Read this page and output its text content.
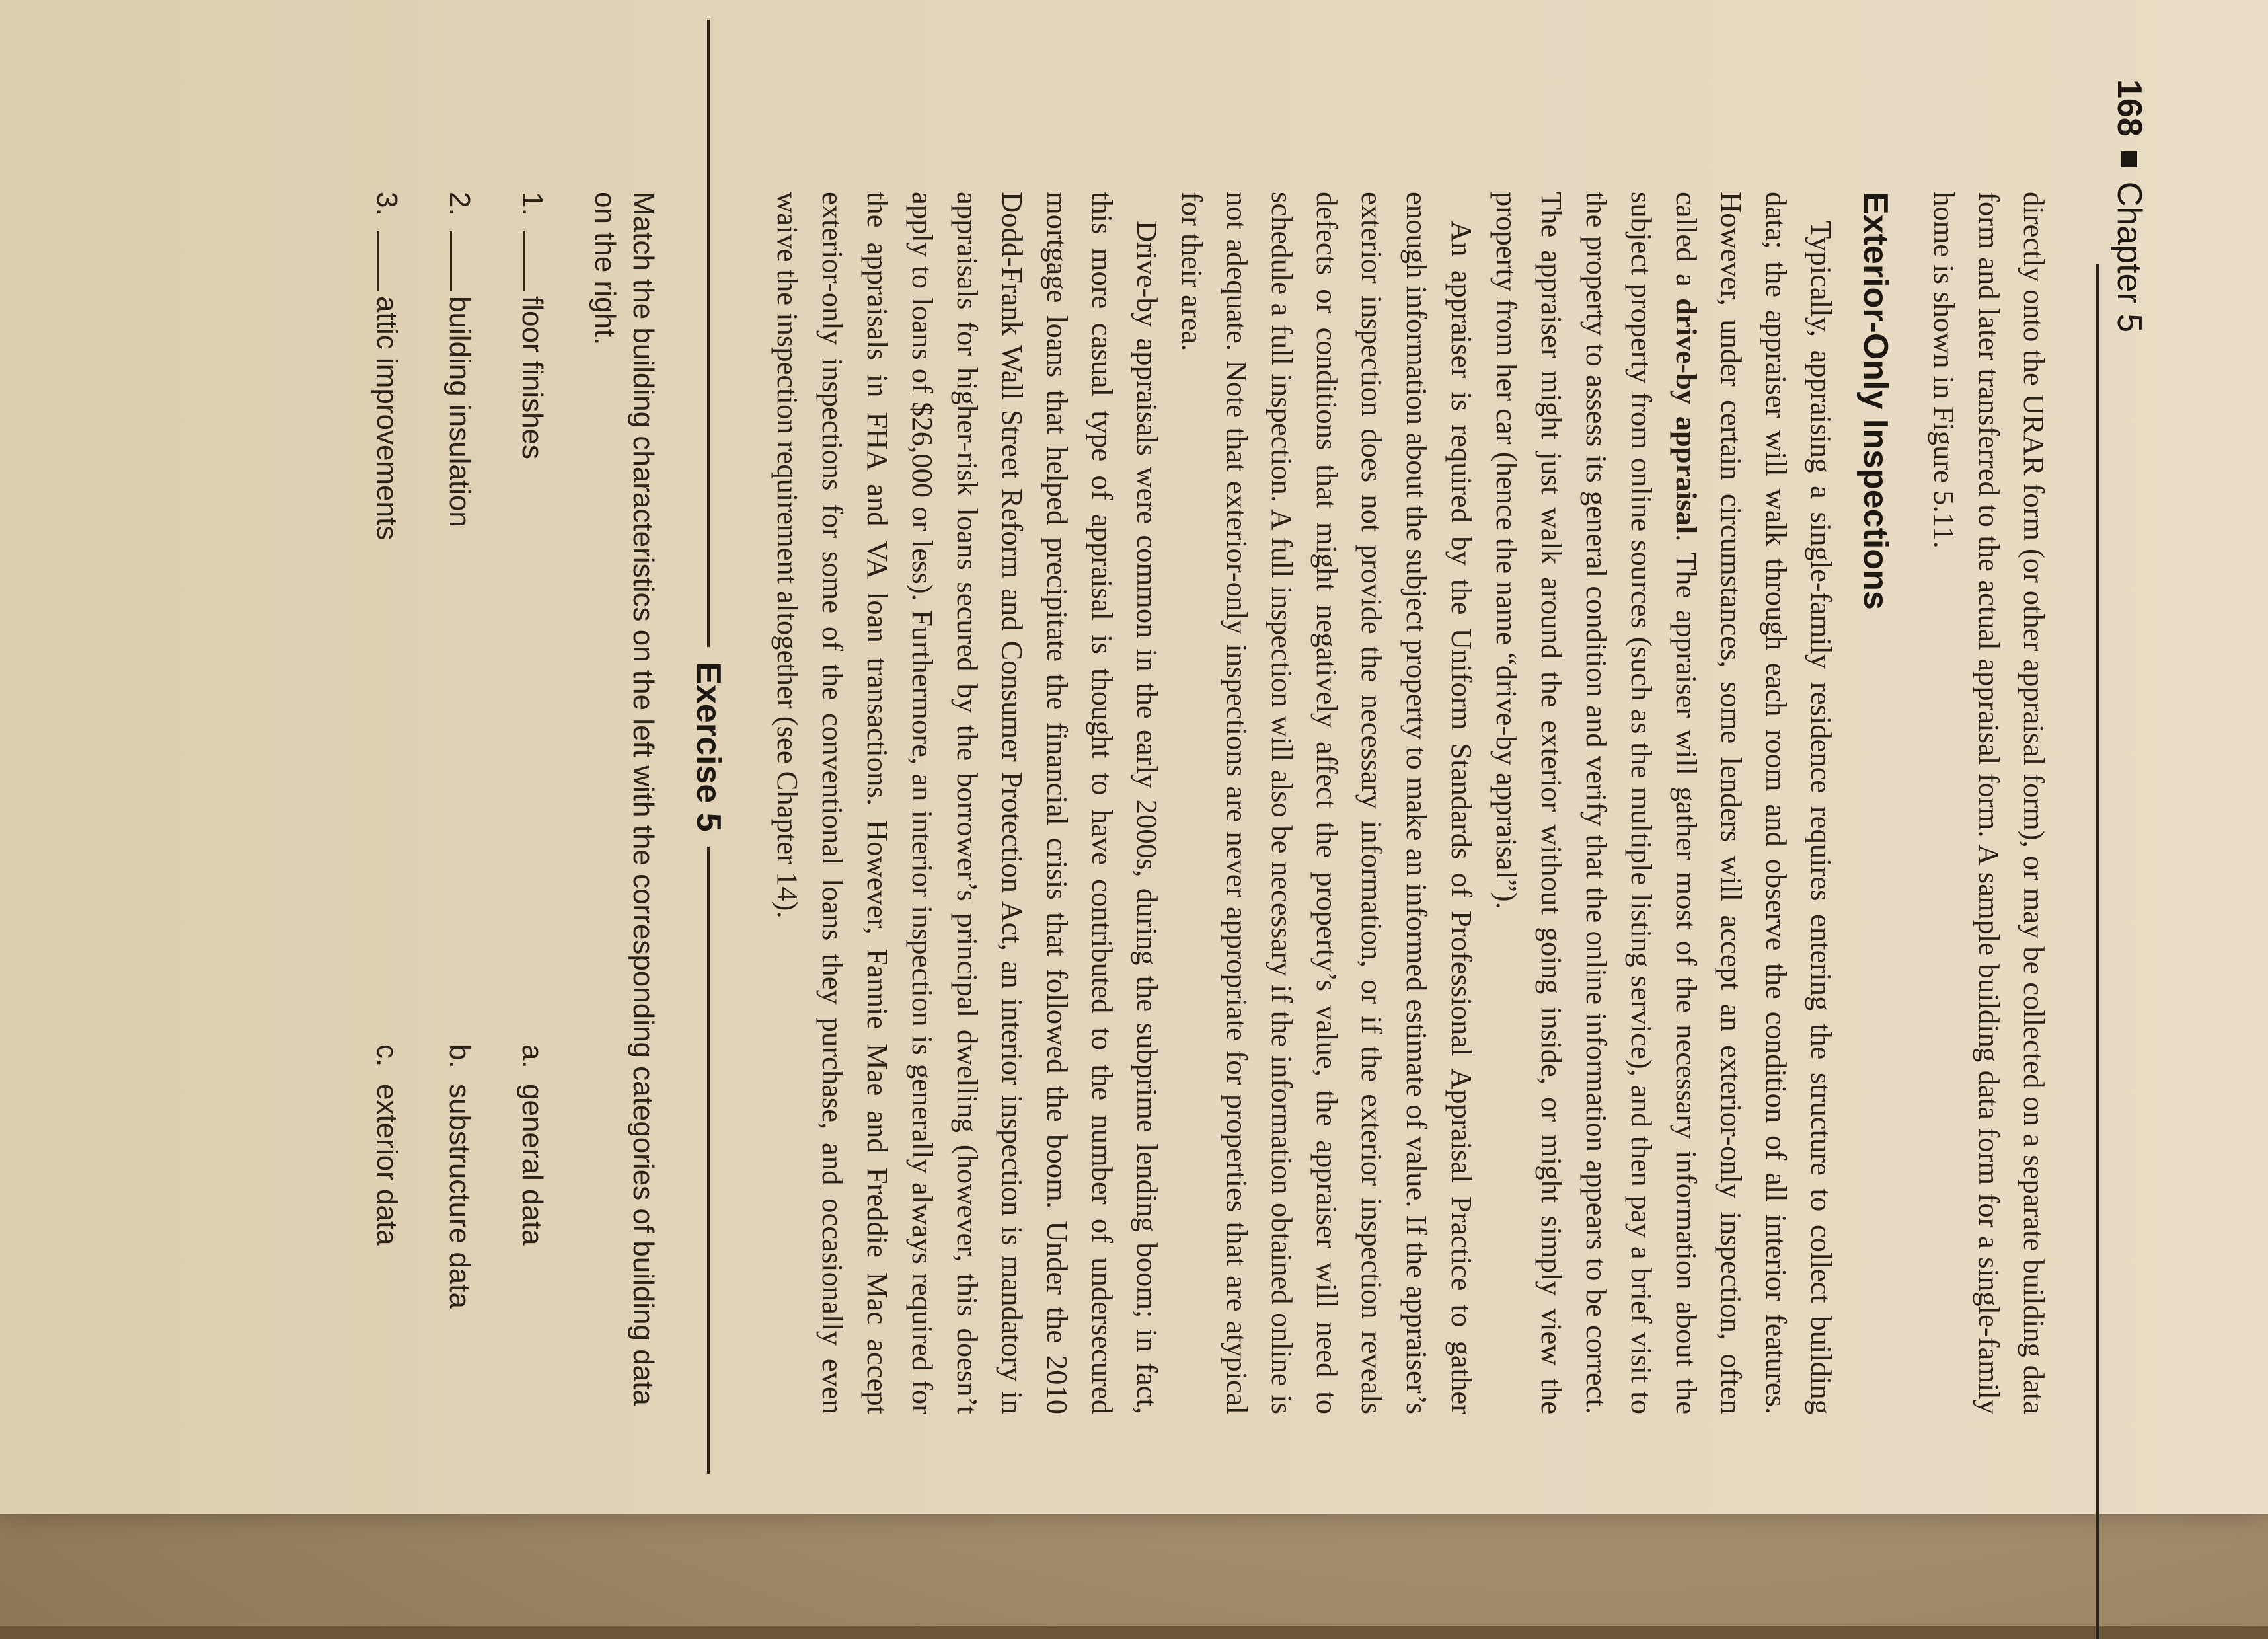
168
Chapter 5

directly onto the URAR form (or other appraisal form), or may be collected on a separate building data form and later transferred to the actual appraisal form. A sample building data form for a single-family home is shown in Figure 5.11.

Exterior-Only Inspections

Typically, appraising a single-family residence requires entering the structure to collect building data; the appraiser will walk through each room and observe the condition of all interior features. However, under certain circumstances, some lenders will accept an exterior-only inspection, often called a drive-by appraisal. The appraiser will gather most of the necessary information about the subject property from online sources (such as the multiple listing service), and then pay a brief visit to the property to assess its general condition and verify that the online information appears to be correct. The appraiser might just walk around the exterior without going inside, or might simply view the property from her car (hence the name “drive-by appraisal”).

An appraiser is required by the Uniform Standards of Professional Appraisal Practice to gather enough information about the subject property to make an informed estimate of value. If the appraiser’s exterior inspection does not provide the necessary information, or if the exterior inspection reveals defects or conditions that might negatively affect the property’s value, the appraiser will need to schedule a full inspection. A full inspection will also be necessary if the information obtained online is not adequate. Note that exterior-only inspections are never appropriate for properties that are atypical for their area.

Drive-by appraisals were common in the early 2000s, during the subprime lending boom; in fact, this more casual type of appraisal is thought to have contributed to the number of undersecured mortgage loans that helped precipitate the financial crisis that followed the boom. Under the 2010 Dodd-Frank Wall Street Reform and Consumer Protection Act, an interior inspection is mandatory in appraisals for higher-risk loans secured by the borrower’s principal dwelling (however, this doesn’t apply to loans of $26,000 or less). Furthermore, an interior inspection is generally always required for the appraisals in FHA and VA loan transactions. However, Fannie Mae and Freddie Mac accept exterior-only inspections for some of the conventional loans they purchase, and occasionally even waive the inspection requirement altogether (see Chapter 14).

Exercise 5

Match the building characteristics on the left with the corresponding categories of building data on the right.

1.
floor finishes
2.
building insulation
3.
attic improvements
a.
general data
b.
substructure data
c.
exterior data
